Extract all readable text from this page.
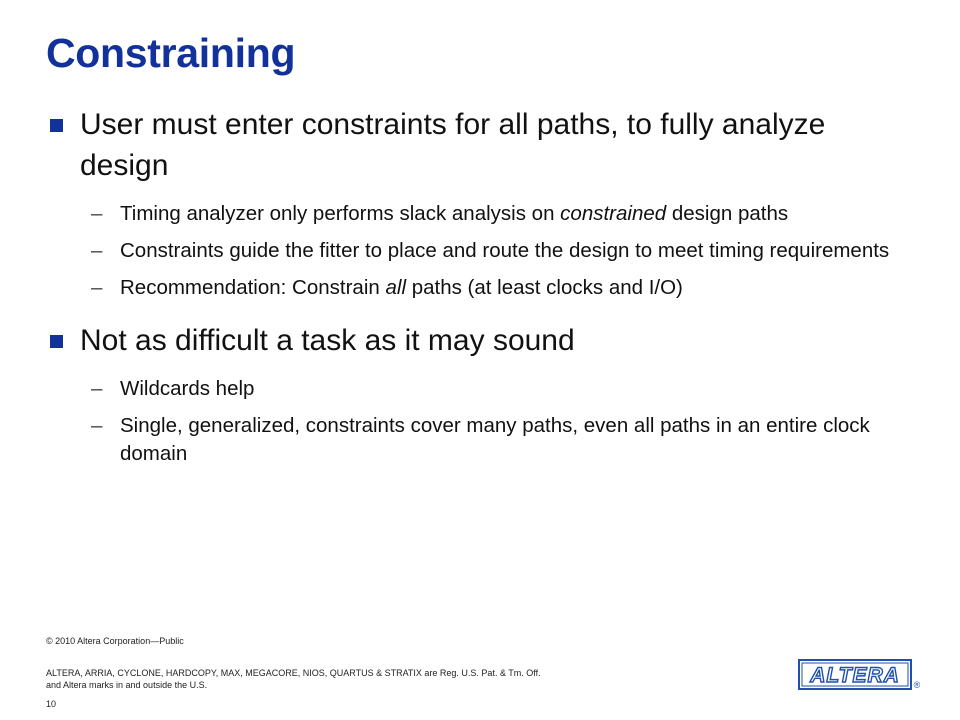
Constraining
User must enter constraints for all paths, to fully analyze design
– Timing analyzer only performs slack analysis on constrained design paths
– Constraints guide the fitter to place and route the design to meet timing requirements
– Recommendation: Constrain all paths (at least clocks and I/O)
Not as difficult a task as it may sound
– Wildcards help
– Single, generalized, constraints cover many paths, even all paths in an entire clock domain
© 2010 Altera Corporation—Public
ALTERA, ARRIA, CYCLONE, HARDCOPY, MAX, MEGACORE, NIOS, QUARTUS & STRATIX are Reg. U.S. Pat. & Tm. Off.
and Altera marks in and outside the U.S.
10
ALTERA ®
